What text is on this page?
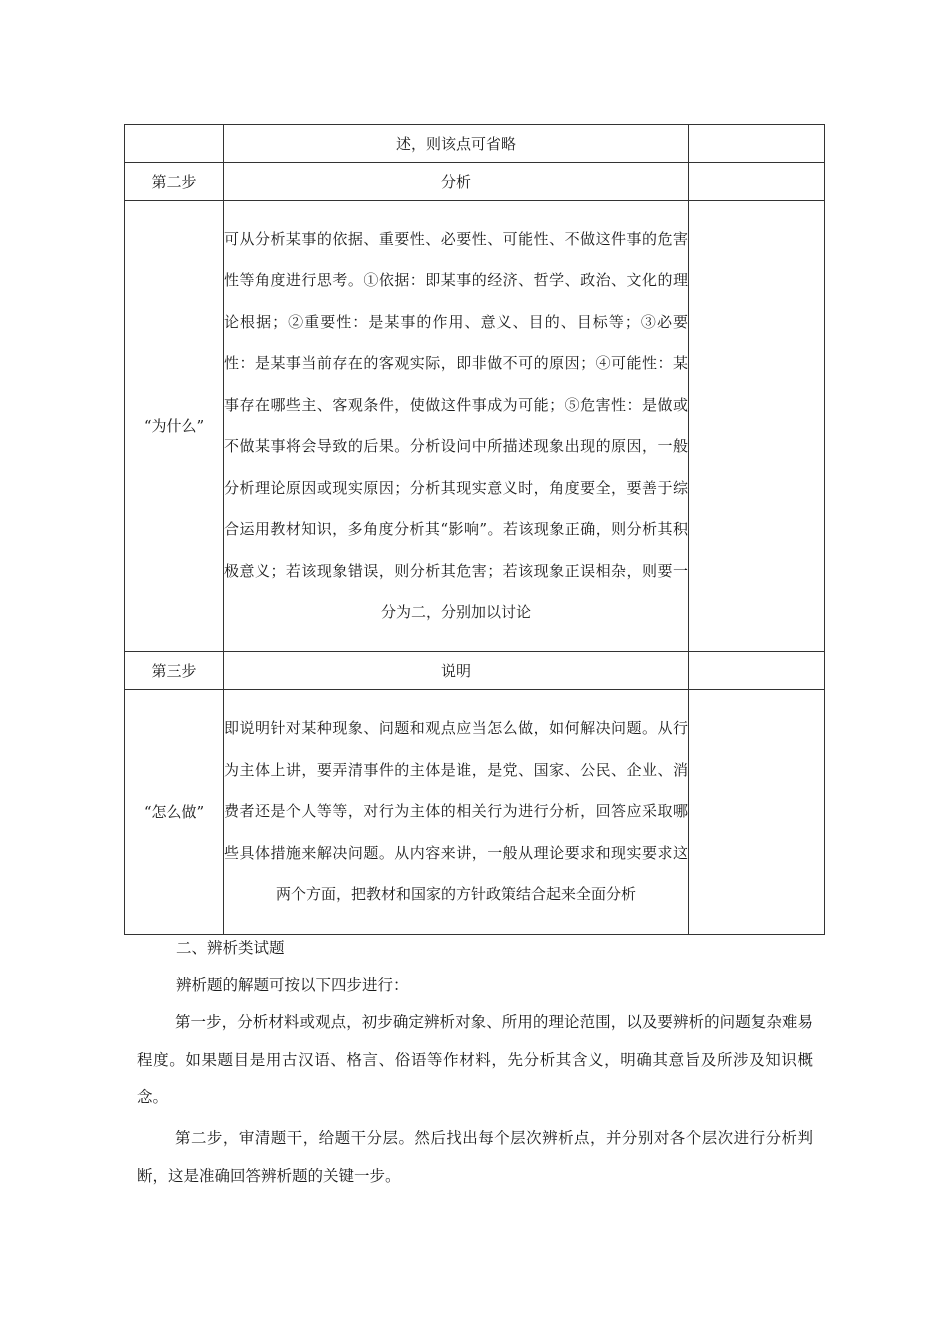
	述，则该点可省略	
第二步	分析	
“为什么”	可从分析某事的依据、重要性、必要性、可能性、不做这件事的危害性等角度进行思考。①依据：即某事的经济、哲学、政治、文化的理论根据；②重要性：是某事的作用、意义、目的、目标等；③必要性：是某事当前存在的客观实际，即非做不可的原因；④可能性：某事存在哪些主、客观条件，使做这件事成为可能；⑤危害性：是做或不做某事将会导致的后果。分析设问中所描述现象出现的原因，一般分析理论原因或现实原因；分析其现实意义时，角度要全，要善于综合运用教材知识，多角度分析其“影响”。若该现象正确，则分析其积极意义；若该现象错误，则分析其危害；若该现象正误相杂，则要一分为二，分别加以讨论	
第三步	说明	
“怎么做”	即说明针对某种现象、问题和观点应当怎么做，如何解决问题。从行为主体上讲，要弄清事件的主体是谁，是党、国家、公民、企业、消费者还是个人等等，对行为主体的相关行为进行分析，回答应采取哪些具体措施来解决问题。从内容来讲，一般从理论要求和现实要求这两个方面，把教材和国家的方针政策结合起来全面分析	
二、辨析类试题
辨析题的解题可按以下四步进行：
第一步，分析材料或观点，初步确定辨析对象、所用的理论范围，以及要辨析的问题复杂难易程度。如果题目是用古汉语、格言、俗语等作材料，先分析其含义，明确其意旨及所涉及知识概念。
第二步，审清题干，给题干分层。然后找出每个层次辨析点，并分别对各个层次进行分析判断，这是准确回答辨析题的关键一步。
